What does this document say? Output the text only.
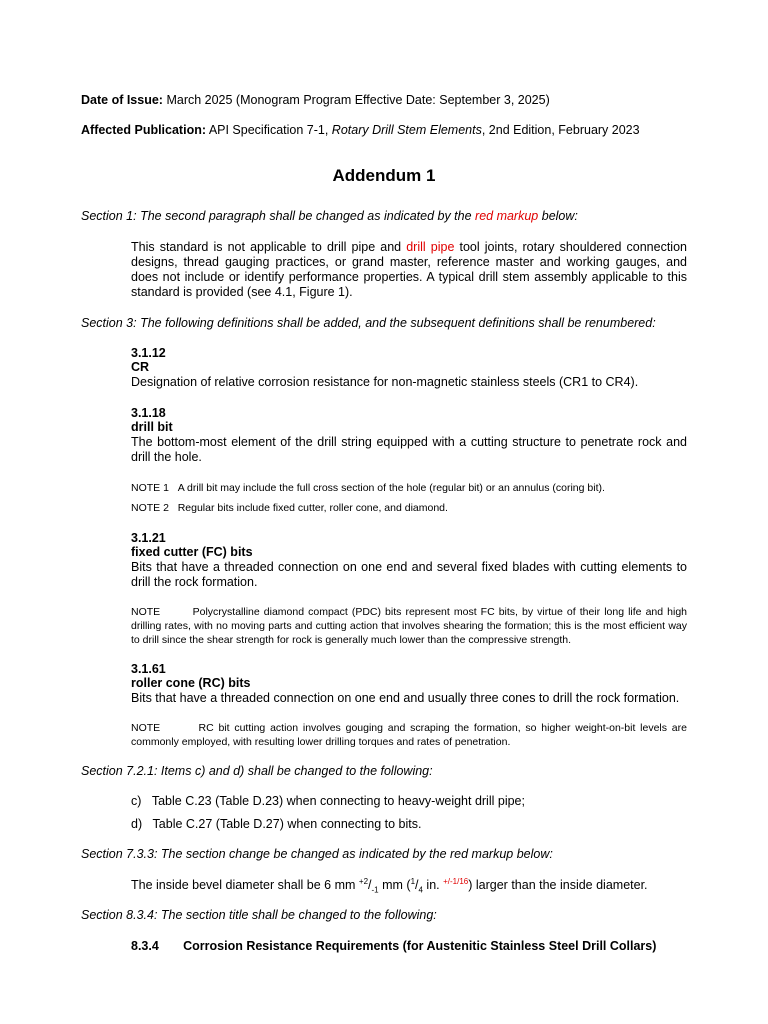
Date of Issue: March 2025 (Monogram Program Effective Date: September 3, 2025)
Affected Publication: API Specification 7-1, Rotary Drill Stem Elements, 2nd Edition, February 2023
Addendum 1
Section 1: The second paragraph shall be changed as indicated by the red markup below:
This standard is not applicable to drill pipe and drill pipe tool joints, rotary shouldered connection designs, thread gauging practices, or grand master, reference master and working gauges, and does not include or identify performance properties. A typical drill stem assembly applicable to this standard is provided (see 4.1, Figure 1).
Section 3: The following definitions shall be added, and the subsequent definitions shall be renumbered:
3.1.12
CR
Designation of relative corrosion resistance for non-magnetic stainless steels (CR1 to CR4).
3.1.18
drill bit
The bottom-most element of the drill string equipped with a cutting structure to penetrate rock and drill the hole.
NOTE 1 A drill bit may include the full cross section of the hole (regular bit) or an annulus (coring bit).
NOTE 2 Regular bits include fixed cutter, roller cone, and diamond.
3.1.21
fixed cutter (FC) bits
Bits that have a threaded connection on one end and several fixed blades with cutting elements to drill the rock formation.
NOTE	Polycrystalline diamond compact (PDC) bits represent most FC bits, by virtue of their long life and high drilling rates, with no moving parts and cutting action that involves shearing the formation; this is the most efficient way to drill since the shear strength for rock is generally much lower than the compressive strength.
3.1.61
roller cone (RC) bits
Bits that have a threaded connection on one end and usually three cones to drill the rock formation.
NOTE	RC bit cutting action involves gouging and scraping the formation, so higher weight-on-bit levels are commonly employed, with resulting lower drilling torques and rates of penetration.
Section 7.2.1: Items c) and d) shall be changed to the following:
c) Table C.23 (Table D.23) when connecting to heavy-weight drill pipe;
d) Table C.27 (Table D.27) when connecting to bits.
Section 7.3.3: The section change be changed as indicated by the red markup below:
The inside bevel diameter shall be 6 mm $^{+2}/_{-1}$ mm ($^1/_4$ in. $^{+/-1/16}$) larger than the inside diameter.
Section 8.3.4: The section title shall be changed to the following:
8.3.4 Corrosion Resistance Requirements (for Austenitic Stainless Steel Drill Collars)
